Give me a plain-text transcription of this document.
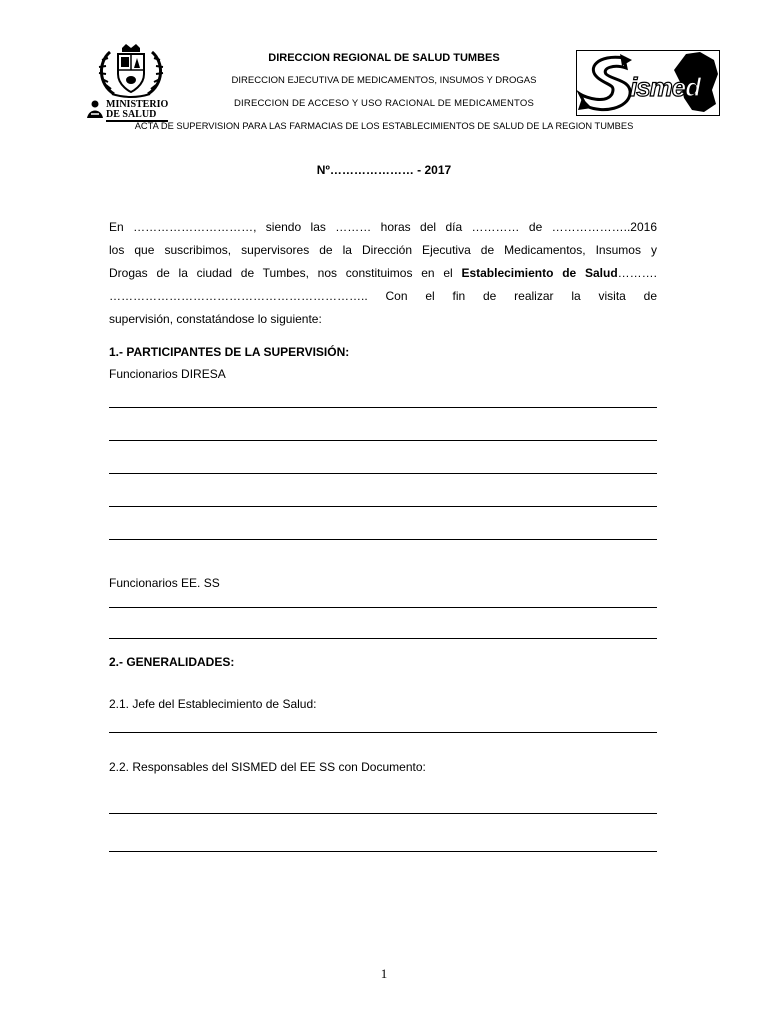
MINISTERIO
DE SALUD
ismed
DIRECCION REGIONAL DE SALUD TUMBES
DIRECCION EJECUTIVA DE MEDICAMENTOS, INSUMOS Y DROGAS
DIRECCION DE ACCESO Y USO RACIONAL DE MEDICAMENTOS
ACTA DE SUPERVISION PARA LAS FARMACIAS DE LOS ESTABLECIMIENTOS DE SALUD DE LA REGION TUMBES
Nº………………… - 2017
En …………………………, siendo las ……… horas del día ………… de ………………..2016
los que suscribimos, supervisores de la Dirección Ejecutiva de Medicamentos, Insumos y
Drogas de la ciudad de Tumbes, nos constituimos en el Establecimiento de Salud……….
……………………………………………………….. Con el fin de realizar la visita de
supervisión, constatándose lo siguiente:
1.- PARTICIPANTES DE LA SUPERVISIÓN:
Funcionarios DIRESA
Funcionarios EE. SS
2.- GENERALIDADES:
2.1. Jefe del Establecimiento de Salud:
2.2. Responsables del SISMED del EE SS con Documento:
1
